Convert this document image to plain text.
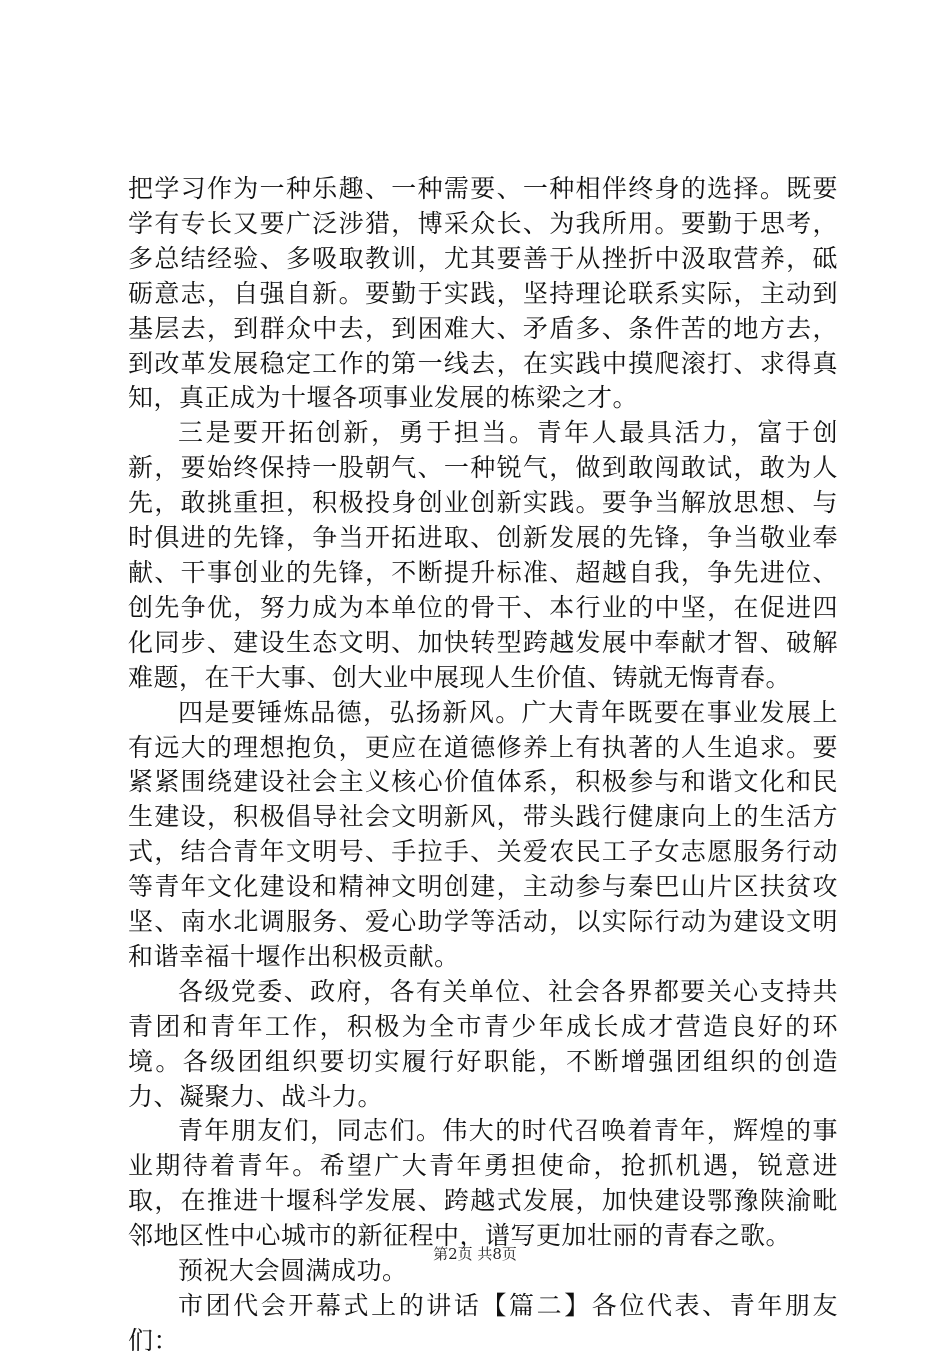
把学习作为一种乐趣、一种需要、一种相伴终身的选择。既要学有专长又要广泛涉猎，博采众长、为我所用。要勤于思考，多总结经验、多吸取教训，尤其要善于从挫折中汲取营养，砥砺意志，自强自新。要勤于实践，坚持理论联系实际，主动到基层去，到群众中去，到困难大、矛盾多、条件苦的地方去，到改革发展稳定工作的第一线去，在实践中摸爬滚打、求得真知，真正成为十堰各项事业发展的栋梁之才。

三是要开拓创新，勇于担当。青年人最具活力，富于创新，要始终保持一股朝气、一种锐气，做到敢闯敢试，敢为人先，敢挑重担，积极投身创业创新实践。要争当解放思想、与时俱进的先锋，争当开拓进取、创新发展的先锋，争当敬业奉献、干事创业的先锋，不断提升标准、超越自我，争先进位、创先争优，努力成为本单位的骨干、本行业的中坚，在促进四化同步、建设生态文明、加快转型跨越发展中奉献才智、破解难题，在干大事、创大业中展现人生价值、铸就无悔青春。

四是要锤炼品德，弘扬新风。广大青年既要在事业发展上有远大的理想抱负，更应在道德修养上有执著的人生追求。要紧紧围绕建设社会主义核心价值体系，积极参与和谐文化和民生建设，积极倡导社会文明新风，带头践行健康向上的生活方式，结合青年文明号、手拉手、关爱农民工子女志愿服务行动等青年文化建设和精神文明创建，主动参与秦巴山片区扶贫攻坚、南水北调服务、爱心助学等活动，以实际行动为建设文明和谐幸福十堰作出积极贡献。

各级党委、政府，各有关单位、社会各界都要关心支持共青团和青年工作，积极为全市青少年成长成才营造良好的环境。各级团组织要切实履行好职能，不断增强团组织的创造力、凝聚力、战斗力。

青年朋友们，同志们。伟大的时代召唤着青年，辉煌的事业期待着青年。希望广大青年勇担使命，抢抓机遇，锐意进取，在推进十堰科学发展、跨越式发展，加快建设鄂豫陕渝毗邻地区性中心城市的新征程中，谱写更加壮丽的青春之歌。

预祝大会圆满成功。

市团代会开幕式上的讲话【篇二】各位代表、青年朋友们：

第2页 共8页
